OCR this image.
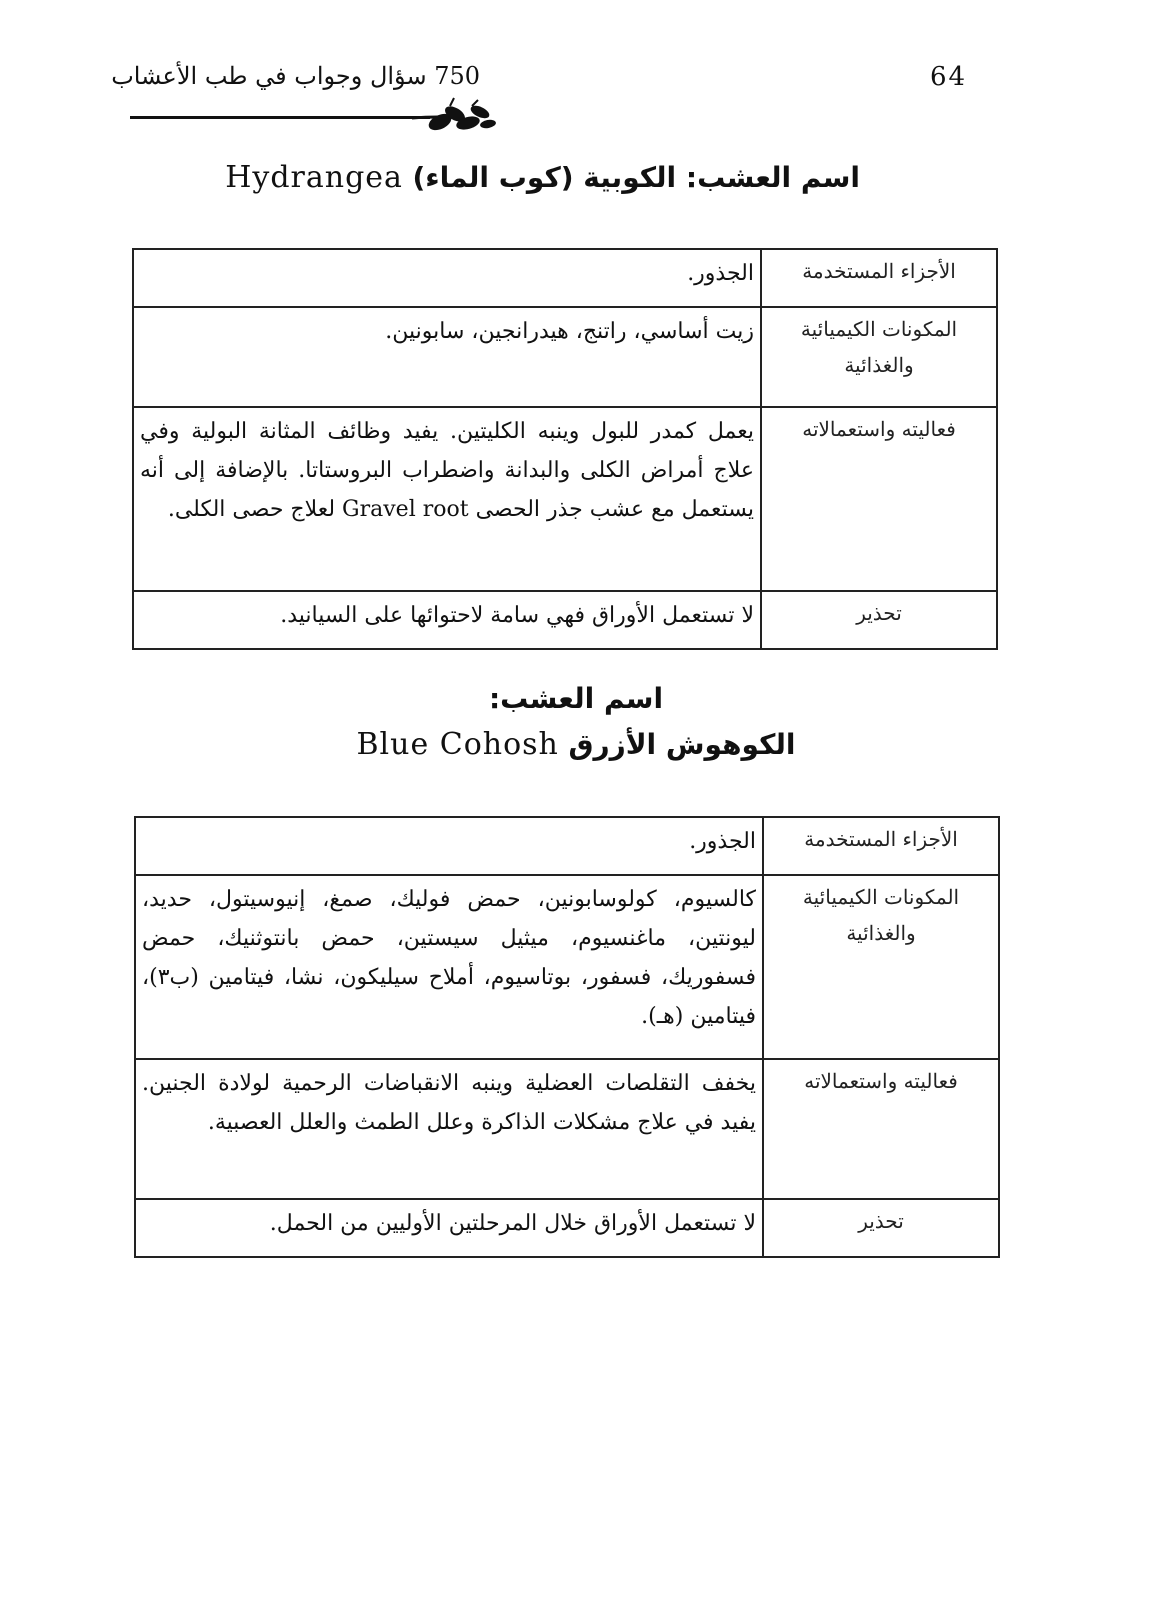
64
750 سؤال وجواب في طب الأعشاب
Hydrangea	اسم العشب: الكوبية (كوب الماء)
الأجزاء المستخدمة	الجذور.
المكونات الكيميائية والغذائية	زيت أساسي، راتنج، هيدرانجين، سابونين.
فعاليته واستعمالاته	يعمل كمدر للبول وينبه الكليتين. يفيد وظائف المثانة البولية وفي علاج أمراض الكلى والبدانة واضطراب البروستاتا. بالإضافة إلى أنه يستعمل مع عشب جذر الحصى Gravel root لعلاج حصى الكلى.
تحذير	لا تستعمل الأوراق فهي سامة لاحتوائها على السيانيد.
اسم العشب:
Blue Cohosh الكوهوش الأزرق
الأجزاء المستخدمة	الجذور.
المكونات الكيميائية والغذائية	كالسيوم، كولوسابونين، حمض فوليك، صمغ، إنيوسيتول، حديد، ليونتين، ماغنسيوم، ميثيل سيستين، حمض بانتوثنيك، حمض فسفوريك، فسفور، بوتاسيوم، أملاح سيليكون، نشا، فيتامين (ب٣)، فيتامين (هـ).
فعاليته واستعمالاته	يخفف التقلصات العضلية وينبه الانقباضات الرحمية لولادة الجنين. يفيد في علاج مشكلات الذاكرة وعلل الطمث والعلل العصبية.
تحذير	لا تستعمل الأوراق خلال المرحلتين الأوليين من الحمل.
